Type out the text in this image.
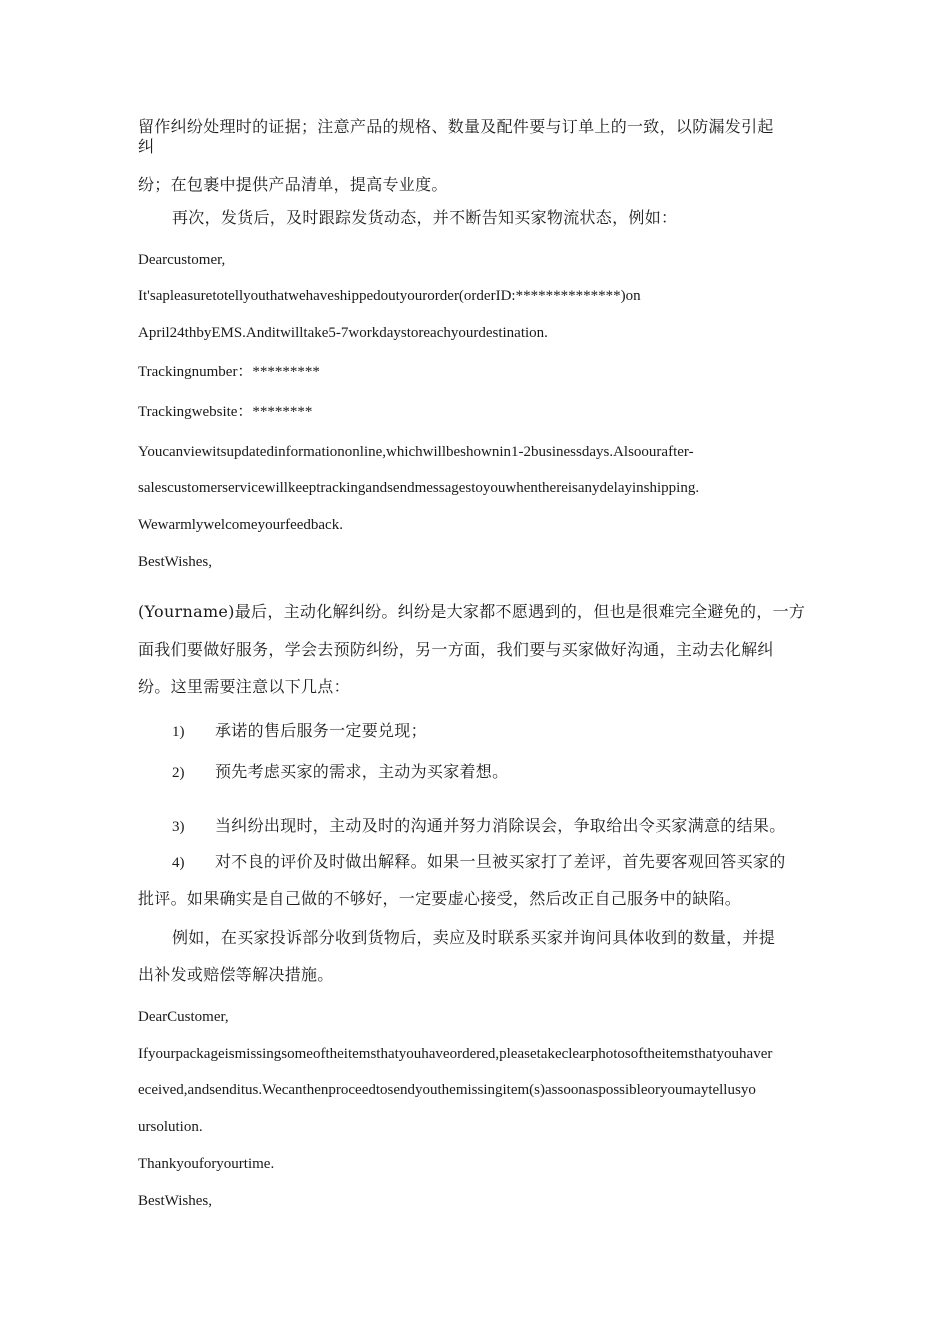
留作纠纷处理时的证据；注意产品的规格、数量及配件要与订单上的一致，以防漏发引起
纠
纷；在包裹中提供产品清单，提高专业度。
再次，发货后，及时跟踪发货动态，并不断告知买家物流状态，例如：
Dearcustomer,
It'sapleasuretotellyouthatwehaveshippedoutyourorder(orderID:**************)on
April24thbyEMS.Anditwilltake5-7workdaystoreachyourdestination.
Trackingnumber：*********
Trackingwebsite：********
Youcanviewitsupdatedinformationonline,whichwillbeshownin1-2businessdays.Alsoourafter-
salescustomerservicewillkeeptrackingandsendmessagestoyouwhenthereisanydelayinshipping.
Wewarmlywelcomeyourfeedback.
BestWishes,
(Yourname)最后，主动化解纠纷。纠纷是大家都不愿遇到的，但也是很难完全避免的，一方
面我们要做好服务，学会去预防纠纷，另一方面，我们要与买家做好沟通，主动去化解纠
纷。这里需要注意以下几点：
1) 承诺的售后服务一定要兑现；
2) 预先考虑买家的需求，主动为买家着想。
3) 当纠纷出现时，主动及时的沟通并努力消除误会，争取给出令买家满意的结果。
4) 对不良的评价及时做出解释。如果一旦被买家打了差评，首先要客观回答买家的
批评。如果确实是自己做的不够好，一定要虚心接受，然后改正自己服务中的缺陷。
例如，在买家投诉部分收到货物后，卖应及时联系买家并询问具体收到的数量，并提
出补发或赔偿等解决措施。
DearCustomer,
Ifyourpackageismissingsomeoftheitemsthatyouhaveordered,pleasetakeclearphotosoftheitemsthatyouhaver
eceived,andsenditus.Wecanthenproceedtosendyouthemissingitem(s)assoonaspossibleoryoumaytellusyo
ursolution.
Thankyouforyourtime.
BestWishes,
